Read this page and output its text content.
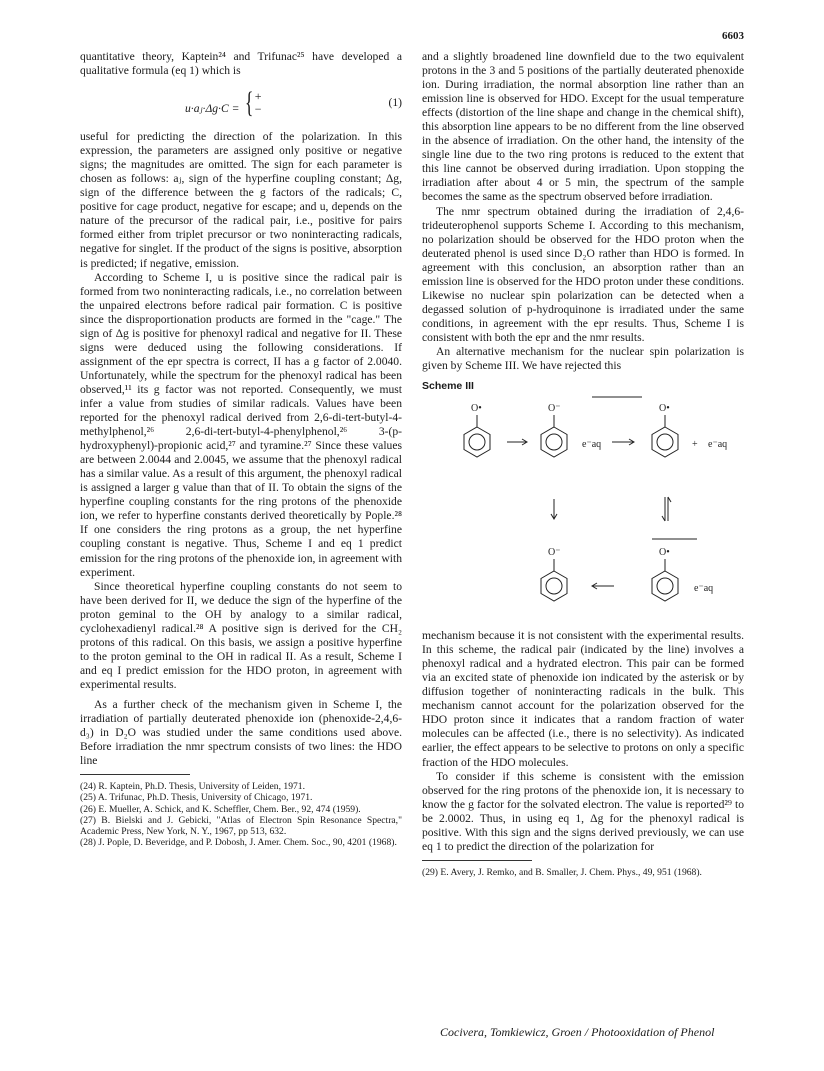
6603

quantitative theory, Kaptein²⁴ and Trifunac²⁵ have developed a qualitative formula (eq 1) which is

u·aⱼ·Δg·C = { +
−	(1)

useful for predicting the direction of the polarization. In this expression, the parameters are assigned only positive or negative signs; the magnitudes are omitted. The sign for each parameter is chosen as follows: aⱼ, sign of the hyperfine coupling constant; Δg, sign of the difference between the g factors of the radicals; C, positive for cage product, negative for escape; and u, depends on the nature of the precursor of the radical pair, i.e., positive for pairs formed either from triplet precursor or two noninteracting radicals, negative for singlet. If the product of the signs is positive, absorption is predicted; if negative, emission.

According to Scheme I, u is positive since the radical pair is formed from two noninteracting radicals, i.e., no correlation between the unpaired electrons before radical pair formation. C is positive since the disproportionation products are formed in the "cage." The sign of Δg is positive for phenoxyl radical and negative for II. These signs were deduced using the following considerations. If assignment of the epr spectra is correct, II has a g factor of 2.0040. Unfortunately, while the spectrum for the phenoxyl radical has been observed,¹¹ its g factor was not reported. Consequently, we must infer a value from studies of similar radicals. Values have been reported for the phenoxyl radical derived from 2,6-di-tert-butyl-4-methylphenol,²⁶ 2,6-di-tert-butyl-4-phenylphenol,²⁶ 3-(p-hydroxyphenyl)-propionic acid,²⁷ and tyramine.²⁷ Since these values are between 2.0044 and 2.0045, we assume that the phenoxyl radical has a similar value. As a result of this argument, the phenoxyl radical is assigned a larger g value than that of II. To obtain the signs of the hyperfine coupling constants for the ring protons of the phenoxide ion, we refer to hyperfine constants derived theoretically by Pople.²⁸ If one considers the ring protons as a group, the net hyperfine coupling constant is negative. Thus, Scheme I and eq 1 predict emission for the ring protons of the phenoxide ion, in agreement with experiment.

Since theoretical hyperfine coupling constants do not seem to have been derived for II, we deduce the sign of the hyperfine of the proton geminal to the OH by analogy to a similar radical, cyclohexadienyl radical.²⁸ A positive sign is derived for the CH₂ protons of this radical. On this basis, we assign a positive hyperfine to the proton geminal to the OH in radical II. As a result, Scheme I and eq I predict emission for the HDO proton, in agreement with experimental results.

As a further check of the mechanism given in Scheme I, the irradiation of partially deuterated phenoxide ion (phenoxide-2,4,6-d₃) in D₂O was studied under the same conditions used above. Before irradiation the nmr spectrum consists of two lines: the HDO line

(24) R. Kaptein, Ph.D. Thesis, University of Leiden, 1971.

(25) A. Trifunac, Ph.D. Thesis, University of Chicago, 1971.

(26) E. Mueller, A. Schick, and K. Scheffler, Chem. Ber., 92, 474 (1959).

(27) B. Bielski and J. Gebicki, "Atlas of Electron Spin Resonance Spectra," Academic Press, New York, N. Y., 1967, pp 513, 632.

(28) J. Pople, D. Beveridge, and P. Dobosh, J. Amer. Chem. Soc., 90, 4201 (1968).

and a slightly broadened line downfield due to the two equivalent protons in the 3 and 5 positions of the partially deuterated phenoxide ion. During irradiation, the normal absorption line rather than an emission line is observed for HDO. Except for the usual temperature effects (distortion of the line shape and change in the chemical shift), this absorption line appears to be no different from the line observed in the absence of irradiation. On the other hand, the intensity of the single line due to the two ring protons is reduced to the extent that this line cannot be observed during irradiation. Upon stopping the irradiation after about 4 or 5 min, the spectrum of the sample becomes the same as the spectrum observed before irradiation.

The nmr spectrum obtained during the irradiation of 2,4,6-trideuterophenol supports Scheme I. According to this mechanism, no polarization should be observed for the HDO proton when the deuterated phenol is used since D₂O rather than HDO is formed. In agreement with this conclusion, an absorption rather than an emission line is observed for the HDO proton under these conditions. Likewise no nuclear spin polarization can be detected when a degassed solution of p-hydroquinone is irradiated under the same conditions, in agreement with the epr results. Thus, Scheme I is consistent with both the epr and the nmr results.

An alternative mechanism for the nuclear spin polarization is given by Scheme III. We have rejected this

Scheme III
O•	O⁻	O•
e⁻aq	+ e⁻aq
O⁻	O•
e⁻aq

mechanism because it is not consistent with the experimental results. In this scheme, the radical pair (indicated by the line) involves a phenoxyl radical and a hydrated electron. This pair can be formed via an excited state of phenoxide ion indicated by the asterisk or by diffusion together of noninteracting radicals in the bulk. This mechanism cannot account for the polarization observed for the HDO proton since it indicates that a random fraction of water molecules can be affected (i.e., there is no selectivity). As indicated earlier, the effect appears to be selective to protons on only a specific fraction of the HDO molecules.

To consider if this scheme is consistent with the emission observed for the ring protons of the phenoxide ion, it is necessary to know the g factor for the solvated electron. The value is reported²⁹ to be 2.0002. Thus, in using eq 1, Δg for the phenoxyl radical is positive. With this sign and the signs derived previously, we can use eq 1 to predict the direction of the polarization for

(29) E. Avery, J. Remko, and B. Smaller, J. Chem. Phys., 49, 951 (1968).

Cocivera, Tomkiewicz, Groen / Photooxidation of Phenol
